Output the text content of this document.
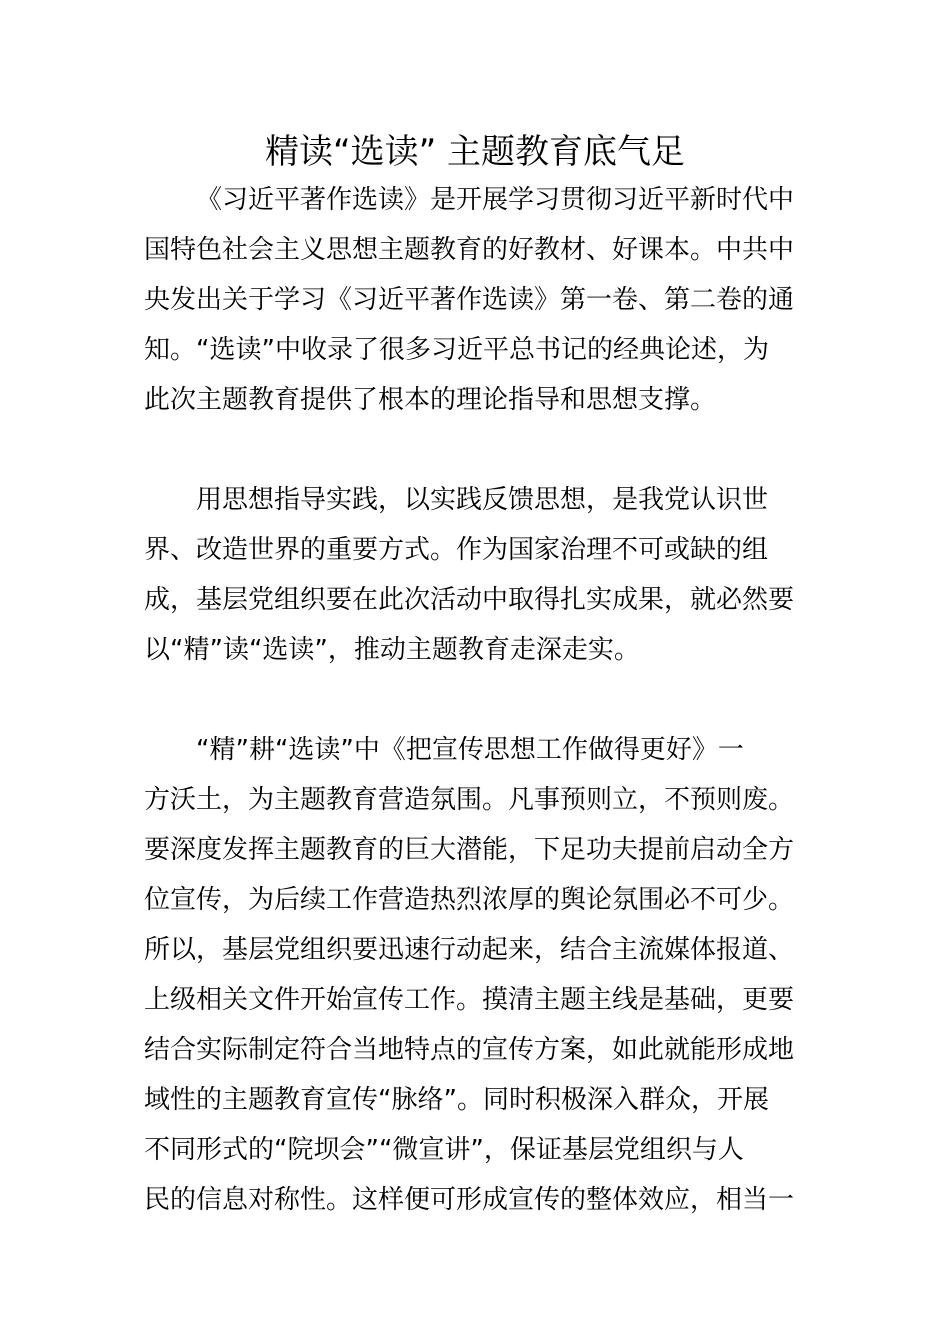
精读“选读” 主题教育底气足
《习近平著作选读》是开展学习贯彻习近平新时代中
国特色社会主义思想主题教育的好教材、好课本。中共中
央发出关于学习《习近平著作选读》第一卷、第二卷的通
知。“选读”中收录了很多习近平总书记的经典论述，为
此次主题教育提供了根本的理论指导和思想支撑。
用思想指导实践，以实践反馈思想，是我党认识世
界、改造世界的重要方式。作为国家治理不可或缺的组
成，基层党组织要在此次活动中取得扎实成果，就必然要
以“精”读“选读”，推动主题教育走深走实。
“精”耕“选读”中《把宣传思想工作做得更好》一
方沃土，为主题教育营造氛围。凡事预则立，不预则废。
要深度发挥主题教育的巨大潜能，下足功夫提前启动全方
位宣传，为后续工作营造热烈浓厚的舆论氛围必不可少。
所以，基层党组织要迅速行动起来，结合主流媒体报道、
上级相关文件开始宣传工作。摸清主题主线是基础，更要
结合实际制定符合当地特点的宣传方案，如此就能形成地
域性的主题教育宣传“脉络”。同时积极深入群众，开展
不同形式的“院坝会”“微宣讲”，保证基层党组织与人
民的信息对称性。这样便可形成宣传的整体效应，相当一
